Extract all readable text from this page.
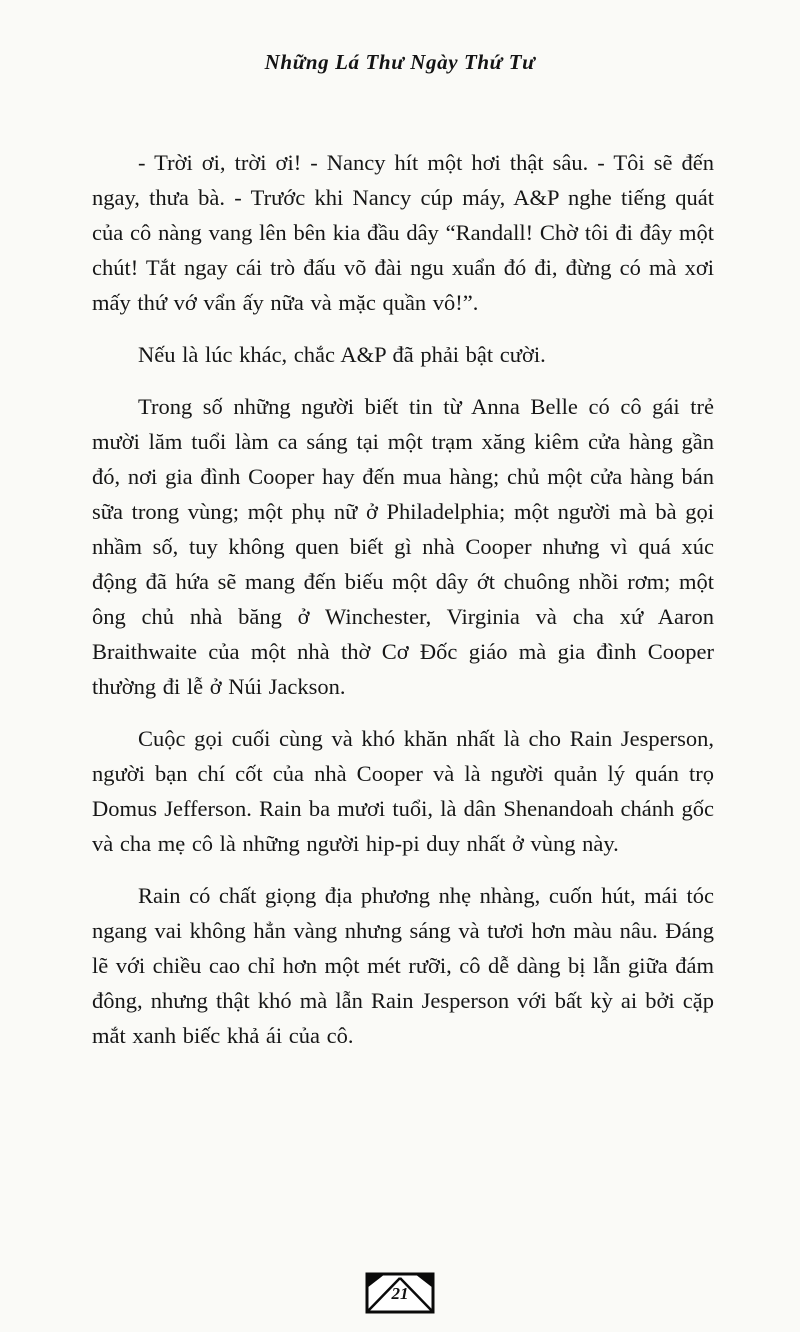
Những Lá Thư Ngày Thứ Tư

- Trời ơi, trời ơi! - Nancy hít một hơi thật sâu. - Tôi sẽ đến ngay, thưa bà. - Trước khi Nancy cúp máy, A&P nghe tiếng quát của cô nàng vang lên bên kia đầu dây “Randall! Chờ tôi đi đây một chút! Tắt ngay cái trò đấu võ đài ngu xuẩn đó đi, đừng có mà xơi mấy thứ vớ vẩn ấy nữa và mặc quần vô!”.

Nếu là lúc khác, chắc A&P đã phải bật cười.

Trong số những người biết tin từ Anna Belle có cô gái trẻ mười lăm tuổi làm ca sáng tại một trạm xăng kiêm cửa hàng gần đó, nơi gia đình Cooper hay đến mua hàng; chủ một cửa hàng bán sữa trong vùng; một phụ nữ ở Philadelphia; một người mà bà gọi nhầm số, tuy không quen biết gì nhà Cooper nhưng vì quá xúc động đã hứa sẽ mang đến biếu một dây ớt chuông nhồi rơm; một ông chủ nhà băng ở Winchester, Virginia và cha xứ Aaron Braithwaite của một nhà thờ Cơ Đốc giáo mà gia đình Cooper thường đi lễ ở Núi Jackson.

Cuộc gọi cuối cùng và khó khăn nhất là cho Rain Jesperson, người bạn chí cốt của nhà Cooper và là người quản lý quán trọ Domus Jefferson. Rain ba mươi tuổi, là dân Shenandoah chánh gốc và cha mẹ cô là những người hip-pi duy nhất ở vùng này.

Rain có chất giọng địa phương nhẹ nhàng, cuốn hút, mái tóc ngang vai không hẳn vàng nhưng sáng và tươi hơn màu nâu. Đáng lẽ với chiều cao chỉ hơn một mét rưỡi, cô dễ dàng bị lẫn giữa đám đông, nhưng thật khó mà lẫn Rain Jesperson với bất kỳ ai bởi cặp mắt xanh biếc khả ái của cô.

21
